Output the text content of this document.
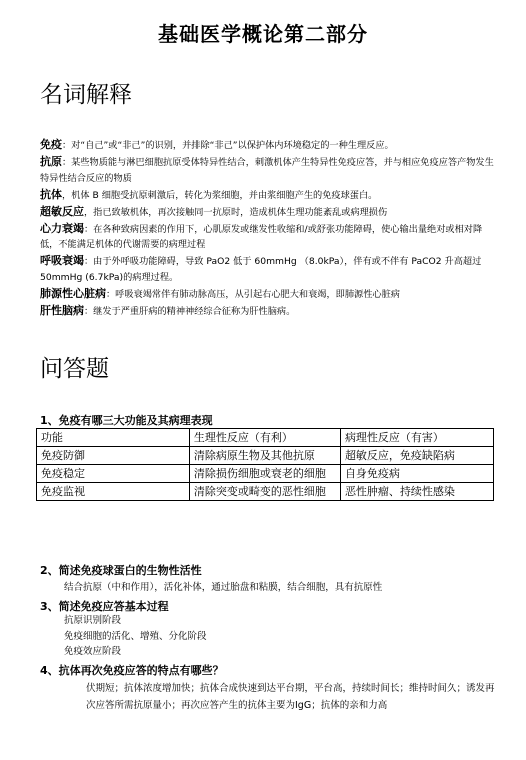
基础医学概论第二部分
名词解释

免疫：对“自己”或“非己”的识别，并排除“非己”以保护体内环境稳定的一种生理反应。

抗原：某些物质能与淋巴细胞抗原受体特异性结合，刺激机体产生特异性免疫应答，并与相应免疫应答产物发生特异性结合反应的物质

抗体，机体 B 细胞受抗原刺激后，转化为浆细胞，并由浆细胞产生的免疫球蛋白。

超敏反应，指已致敏机体，再次接触同一抗原时，造成机体生理功能紊乱或病理损伤

心力衰竭：在各种致病因素的作用下，心肌原发或继发性收缩和/或舒张功能障碍，使心输出量绝对或相对降低，不能满足机体的代谢需要的病理过程

呼吸衰竭：由于外呼吸功能障碍，导致 PaO2 低于 60mmHg （8.0kPa），伴有或不伴有 PaCO2 升高超过 50mmHg (6.7kPa)的病理过程。

肺源性心脏病：呼吸衰竭常伴有肺动脉高压，从引起右心肥大和衰竭，即肺源性心脏病

肝性脑病：继发于严重肝病的精神神经综合征称为肝性脑病。

问答题
1、免疫有哪三大功能及其病理表现
功能	生理性反应（有利）	病理性反应（有害）
免疫防御	清除病原生物及其他抗原	超敏反应，免疫缺陷病
免疫稳定	清除损伤细胞或衰老的细胞	自身免疫病
免疫监视	清除突变或畸变的恶性细胞	恶性肿瘤、持续性感染
2、简述免疫球蛋白的生物性活性
结合抗原（中和作用），活化补体，通过胎盘和粘膜，结合细胞，具有抗原性
3、简述免疫应答基本过程
抗原识别阶段
免疫细胞的活化、增殖、分化阶段
免疫效应阶段
4、抗体再次免疫应答的特点有哪些？
伏期短；抗体浓度增加快；抗体合成快速到达平台期，平台高，持续时间长；维持时间久；诱发再次应答所需抗原量小；再次应答产生的抗体主要为IgG；抗体的亲和力高
